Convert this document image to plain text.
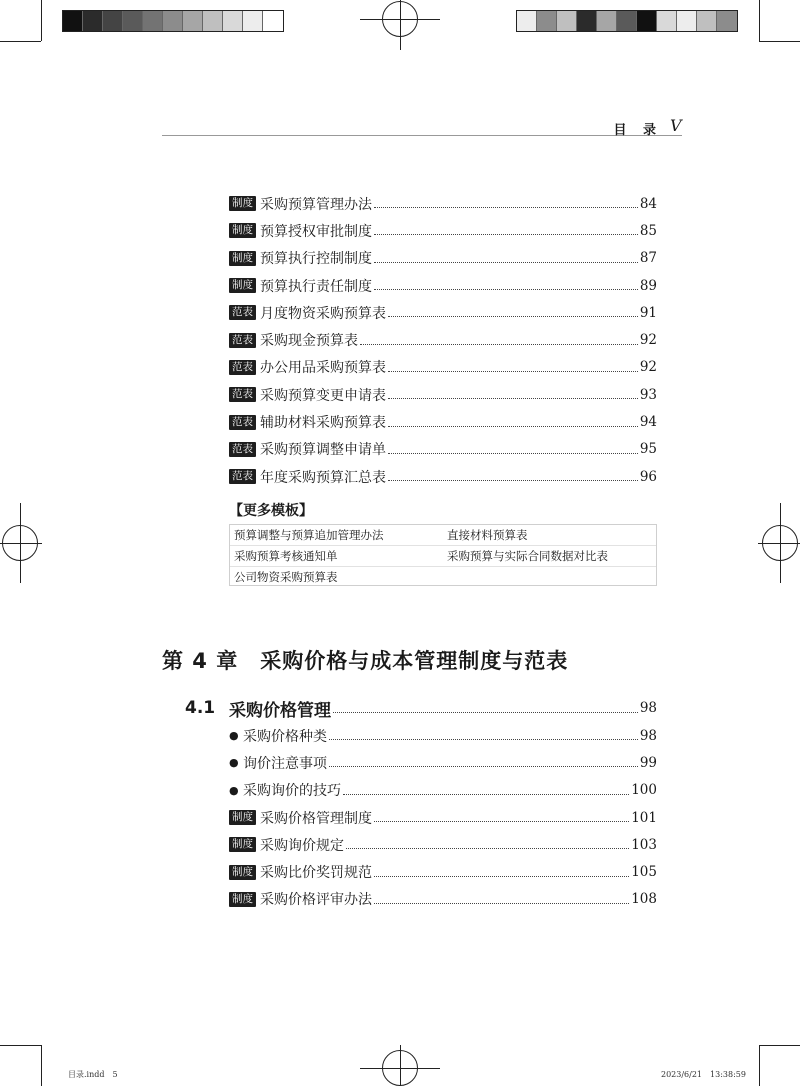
目 录 V
制度 采购预算管理办法	84
制度 预算授权审批制度	85
制度 预算执行控制制度	87
制度 预算执行责任制度	89
范表 月度物资采购预算表	91
范表 采购现金预算表	92
范表 办公用品采购预算表	92
范表 采购预算变更申请表	93
范表 辅助材料采购预算表	94
范表 采购预算调整申请单	95
范表 年度采购预算汇总表	96
【更多模板】
预算调整与预算追加管理办法	直接材料预算表
采购预算考核通知单	采购预算与实际合同数据对比表
公司物资采购预算表
第 4 章　采购价格与成本管理制度与范表
4.1 采购价格管理	98
● 采购价格种类	98
● 询价注意事项	99
● 采购询价的技巧	100
制度 采购价格管理制度	101
制度 采购询价规定	103
制度 采购比价奖罚规范	105
制度 采购价格评审办法	108
目录.indd　5	2023/6/21　13:38:59
